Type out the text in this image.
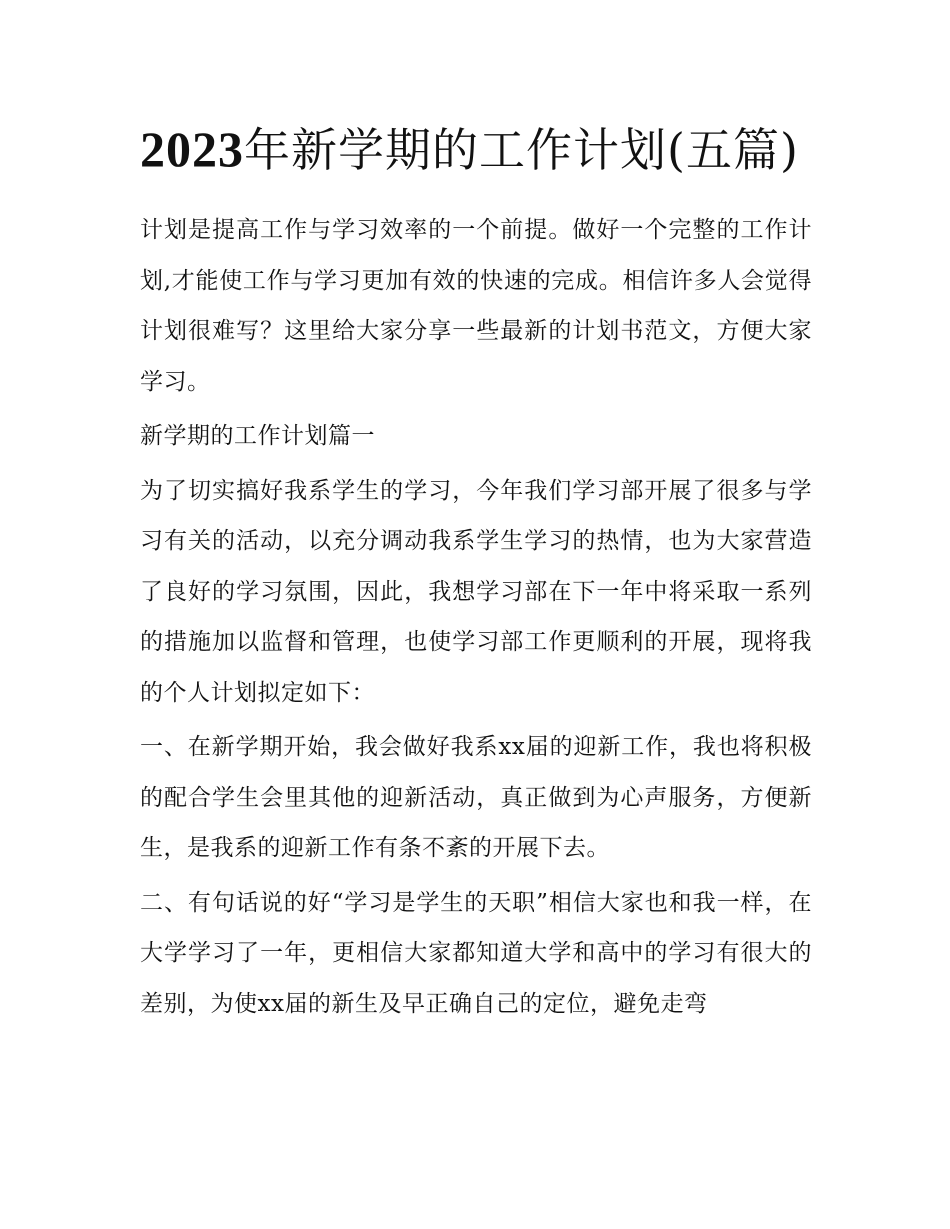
2023年新学期的工作计划(五篇)

计划是提高工作与学习效率的一个前提。做好一个完整的工作计划,才能使工作与学习更加有效的快速的完成。相信许多人会觉得计划很难写？这里给大家分享一些最新的计划书范文，方便大家学习。

新学期的工作计划篇一

为了切实搞好我系学生的学习，今年我们学习部开展了很多与学习有关的活动，以充分调动我系学生学习的热情，也为大家营造了良好的学习氛围，因此，我想学习部在下一年中将采取一系列的措施加以监督和管理，也使学习部工作更顺利的开展，现将我的个人计划拟定如下：

一、在新学期开始，我会做好我系xx届的迎新工作，我也将积极的配合学生会里其他的迎新活动，真正做到为心声服务，方便新生，是我系的迎新工作有条不紊的开展下去。

二、有句话说的好“学习是学生的天职”相信大家也和我一样，在大学学习了一年，更相信大家都知道大学和高中的学习有很大的差别，为使xx届的新生及早正确自己的定位，避免走弯
